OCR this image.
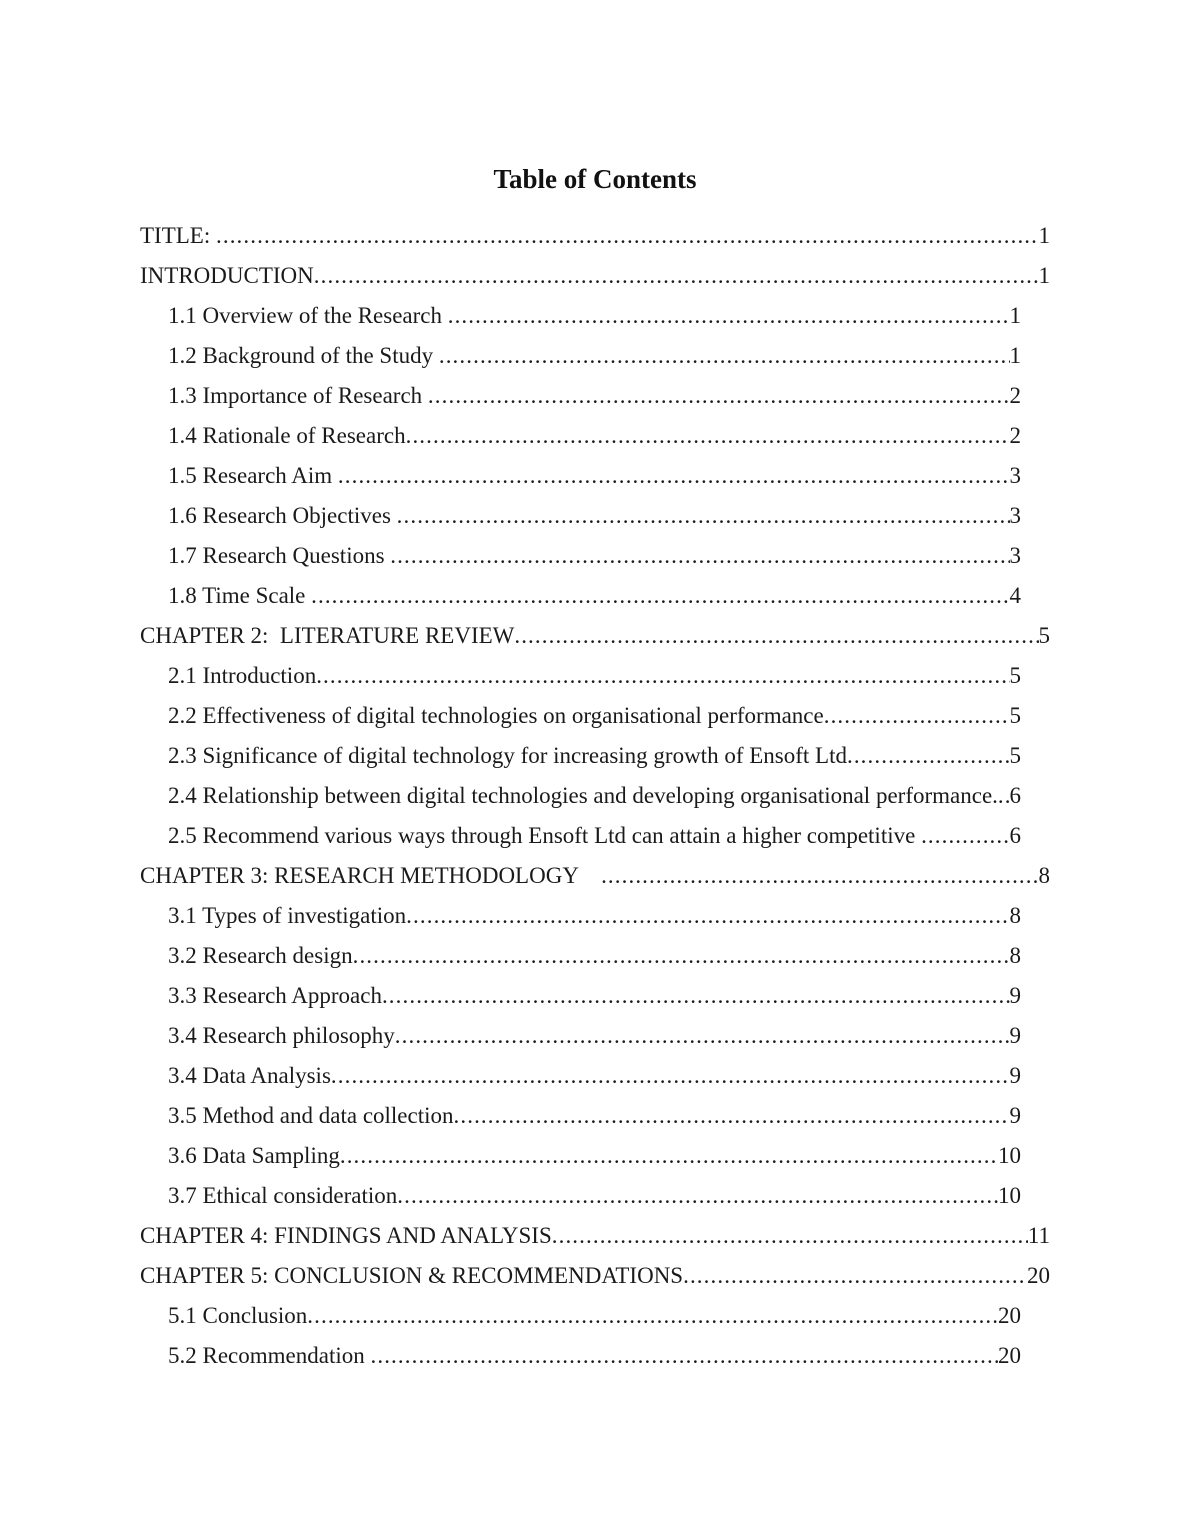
Table of Contents
TITLE: .....	1
INTRODUCTION .....	1
1.1 Overview of the Research .....	1
1.2 Background of the Study .....	1
1.3 Importance of Research .....	2
1.4 Rationale of Research .....	2
1.5 Research Aim .....	3
1.6 Research Objectives .....	3
1.7 Research Questions .....	3
1.8 Time Scale .....	4
CHAPTER 2:  LITERATURE REVIEW .....	5
2.1 Introduction .....	5
2.2 Effectiveness of digital technologies on organisational performance .....	5
2.3 Significance of digital technology for increasing growth of Ensoft Ltd .....	5
2.4 Relationship between digital technologies and developing organisational performance. ..... 6
2.5 Recommend various ways through Ensoft Ltd can attain a higher competitive .....	6
CHAPTER 3: RESEARCH METHODOLOGY .....	8
3.1 Types of investigation .....	8
3.2 Research design .....	8
3.3 Research Approach .....	9
3.4 Research philosophy .....	9
3.4 Data Analysis .....	9
3.5 Method and data collection .....	9
3.6 Data Sampling .....	10
3.7 Ethical consideration .....	10
CHAPTER 4: FINDINGS AND ANALYSIS .....	11
CHAPTER 5: CONCLUSION & RECOMMENDATIONS .....	20
5.1 Conclusion .....	20
5.2 Recommendation .....	20
